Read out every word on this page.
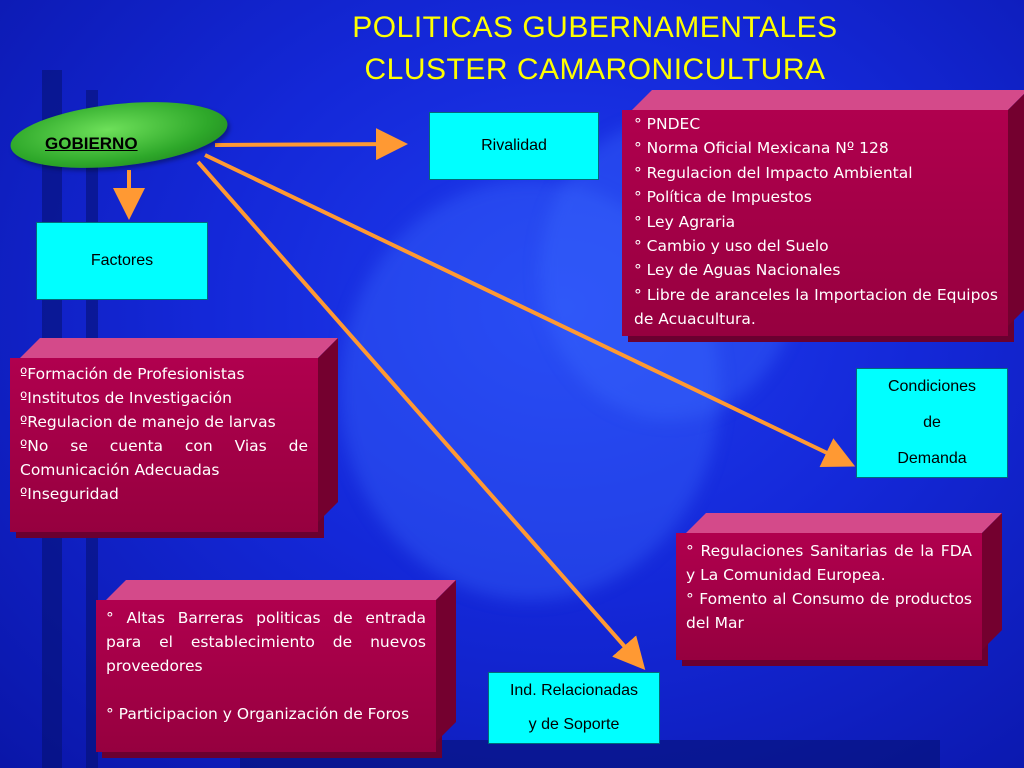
POLITICAS GUBERNAMENTALES
CLUSTER CAMARONICULTURA
GOBIERNO	Rivalidad
Factores
Condiciones
de
Demanda
Ind. Relacionadas
y de Soporte

° PNDEC

° Norma Oficial Mexicana Nº 128

° Regulacion del Impacto Ambiental

° Política de Impuestos

° Ley Agraria

° Cambio y uso del Suelo

° Ley de Aguas Nacionales

° Libre de aranceles la Importacion de Equipos de Acuacultura.

ºFormación de Profesionistas

ºInstitutos de Investigación

ºRegulacion de manejo de larvas

ºNo se cuenta con Vias de Comunicación Adecuadas

ºInseguridad

° Regulaciones Sanitarias de la FDA y La Comunidad Europea.

° Fomento al Consumo de productos del Mar

° Altas Barreras politicas de entrada para el establecimiento de nuevos proveedores

° Participacion y Organización de Foros
